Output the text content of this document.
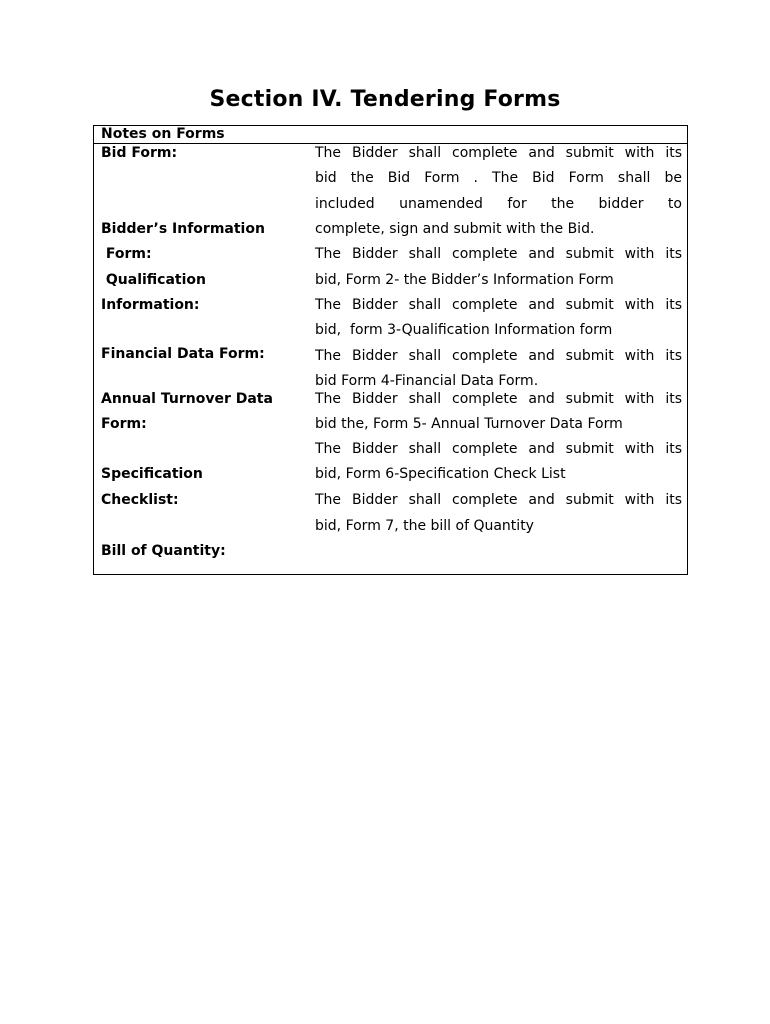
Section IV. Tendering Forms
Notes on Forms
Bid Form:
Bidder’s Information
Form:
Qualification
Information:
Financial Data Form:
Annual Turnover Data
Form:
Specification
Checklist:
Bill of Quantity:
The Bidder shall complete and submit with its
bid the Bid Form . The Bid Form shall be
included unamended for the bidder to
complete, sign and submit with the Bid.
The Bidder shall complete and submit with its
bid, Form 2- the Bidder’s Information Form
The Bidder shall complete and submit with its
bid,  form 3-Qualification Information form
The Bidder shall complete and submit with its
bid Form 4-Financial Data Form.
The Bidder shall complete and submit with its
bid the, Form 5- Annual Turnover Data Form
The Bidder shall complete and submit with its
bid, Form 6-Specification Check List
The Bidder shall complete and submit with its
bid, Form 7, the bill of Quantity
